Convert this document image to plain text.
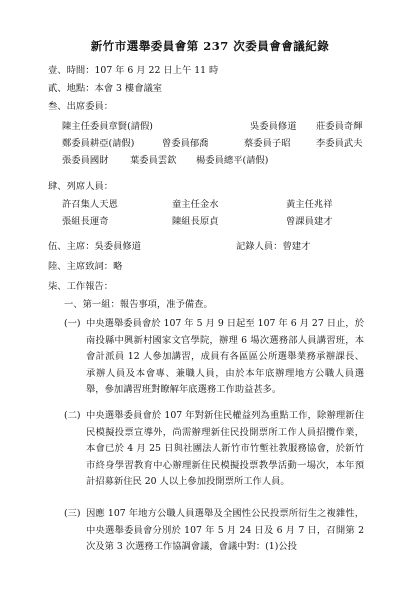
新竹市選舉委員會第 237 次委員會會議紀錄
壹、時間：107 年 6 月 22 日上午 11 時
貳、地點：本會 3 樓會議室
叁、出席委員：
陳主任委員章賢(請假)	吳委員修道 莊委員奇輝
鄭委員耕亞(請假)	曾委員郁喬	蔡委員子昭	李委員武夫
張委員國財 葉委員雲欽 楊委員總平(請假)
肆、列席人員：
許召集人天恩	童主任金水	黃主任兆祥
張組長運奇	陳組長原貞	曾課員建才
伍、主席：吳委員修道	記錄人員：曾建才
陸、主席致詞：略
柒、工作報告：
一、第一組：報告事項，准予備查。
(一) 中央選舉委員會於 107 年 5 月 9 日起至 107 年 6 月 27 日止，於南投縣中興新村國家文官學院，辦理 6 場次選務部人員講習班，本會計派員 12 人參加講習，成員有各區區公所選舉業務承辦課長、承辦人員及本會專、兼職人員，由於本年底辦理地方公職人員選舉，參加講習班對瞭解年底選務工作助益甚多。
(二) 中央選舉委員會於 107 年對新住民權益列為重點工作，除辦理新住民模擬投票宣導外，尚需辦理新住民投開票所工作人員招攬作業，本會已於 4 月 25 日與社團法人新竹市竹塹社教服務協會，於新竹市終身學習教育中心辦理新住民模擬投票教學活動一場次，本年預計招募新住民 20 人以上參加投開票所工作人員。
(三) 因應 107 年地方公職人員選舉及全國性公民投票所衍生之複雜性，中央選舉委員會分別於 107 年 5 月 24 日及 6 月 7 日，召開第 2 次及第 3 次選務工作協調會議，會議中對：(1)公投
